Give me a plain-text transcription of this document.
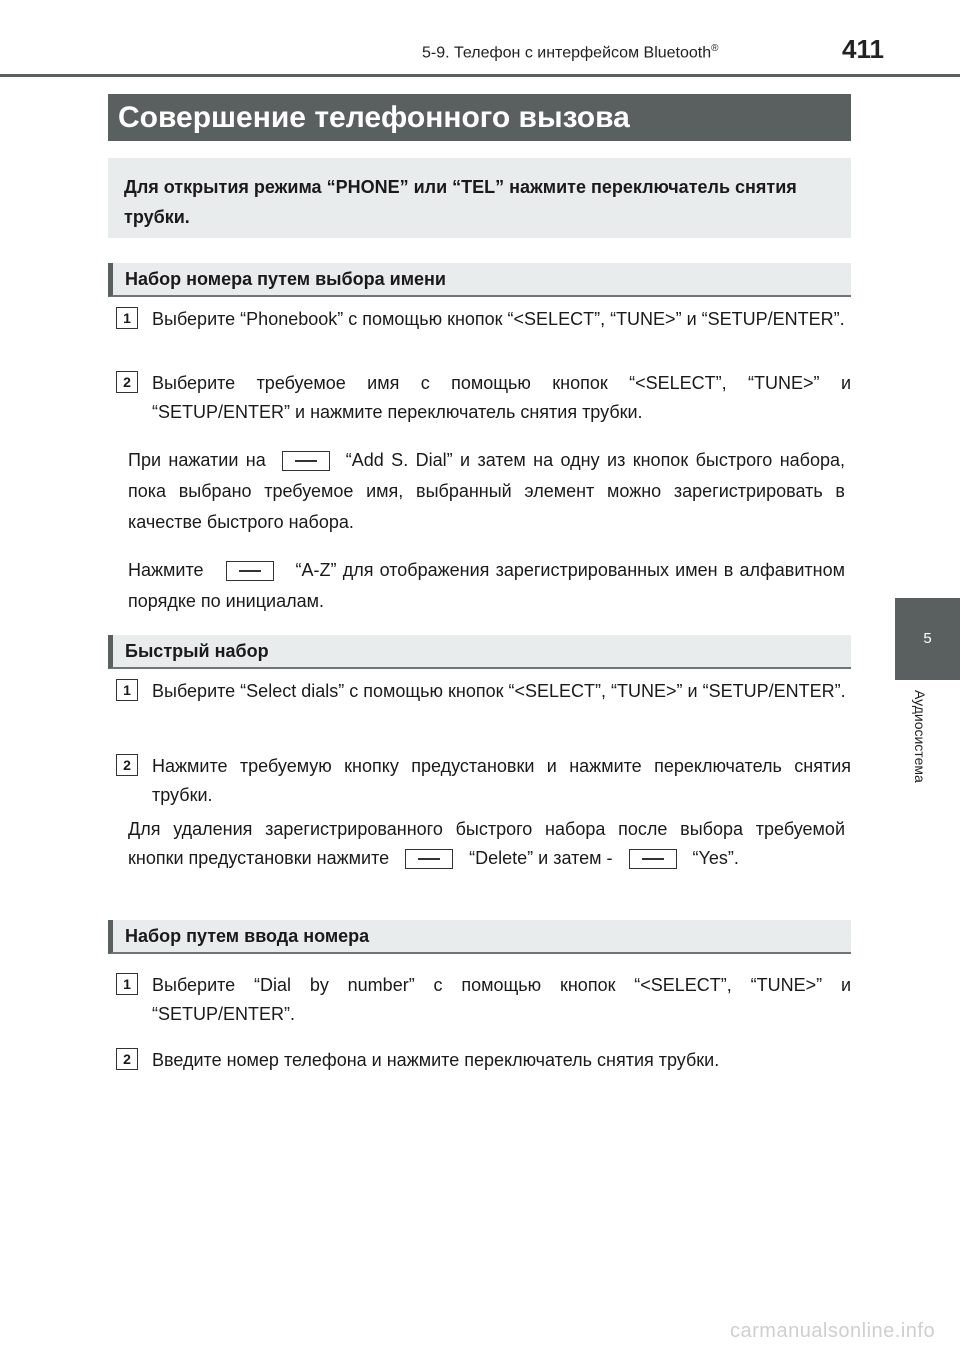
5-9. Телефон с интерфейсом Bluetooth®	411
5
Аудиосистема
Совершение телефонного вызова
Для открытия режима “PHONE” или “TEL” нажмите переключатель снятия трубки.
Набор номера путем выбора имени
1	Выберите “Phonebook” с помощью кнопок “<SELECT”, “TUNE>” и “SETUP/ENTER”.
2	Выберите требуемое имя с помощью кнопок “<SELECT”, “TUNE>” и “SETUP/ENTER” и нажмите переключатель снятия трубки.
При нажатии на	“Add S. Dial” и затем на одну из кнопок быстрого набора, пока выбрано требуемое имя, выбранный элемент можно зарегистрировать в качестве быстрого набора.
Нажмите	“A-Z” для отображения зарегистрированных имен в алфавитном порядке по инициалам.
Быстрый набор
1	Выберите “Select dials” с помощью кнопок “<SELECT”, “TUNE>” и “SETUP/ENTER”.
2	Нажмите требуемую кнопку предустановки и нажмите переключатель снятия трубки.
Для удаления зарегистрированного быстрого набора после выбора требуемой кнопки предустановки нажмите	“Delete” и затем -	“Yes”.
Набор путем ввода номера
1	Выберите “Dial by number” с помощью кнопок “<SELECT”, “TUNE>” и “SETUP/ENTER”.
2	Введите номер телефона и нажмите переключатель снятия трубки.
carmanualsonline.info
